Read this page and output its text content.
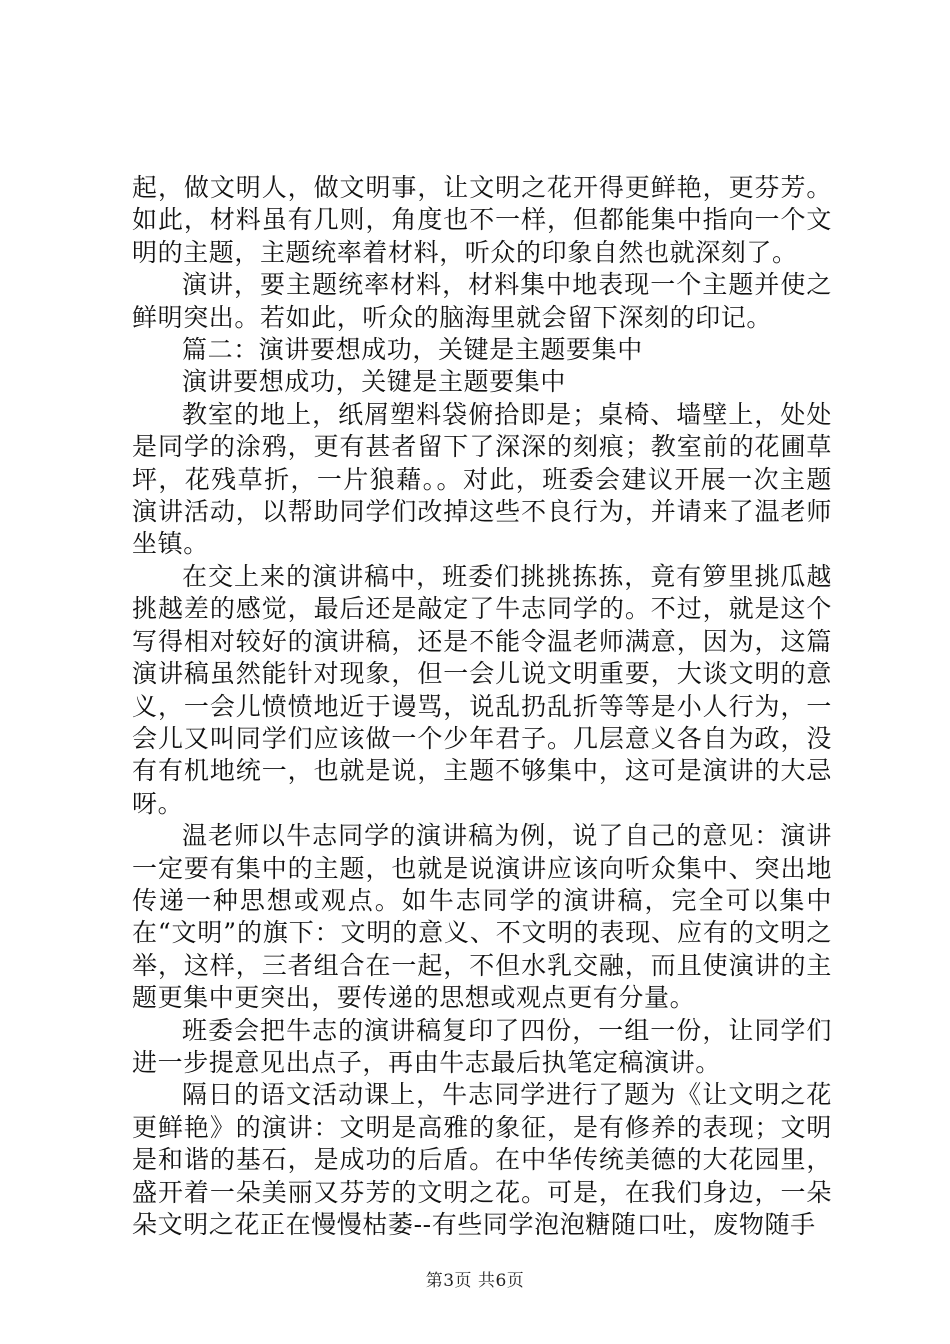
起，做文明人，做文明事，让文明之花开得更鲜艳，更芬芳。如此，材料虽有几则，角度也不一样，但都能集中指向一个文明的主题，主题统率着材料，听众的印象自然也就深刻了。

演讲，要主题统率材料，材料集中地表现一个主题并使之鲜明突出。若如此，听众的脑海里就会留下深刻的印记。

篇二：演讲要想成功，关键是主题要集中

演讲要想成功，关键是主题要集中

教室的地上，纸屑塑料袋俯拾即是；桌椅、墙壁上，处处是同学的涂鸦，更有甚者留下了深深的刻痕；教室前的花圃草坪，花残草折，一片狼藉。。对此，班委会建议开展一次主题演讲活动，以帮助同学们改掉这些不良行为，并请来了温老师坐镇。

在交上来的演讲稿中，班委们挑挑拣拣，竟有箩里挑瓜越挑越差的感觉，最后还是敲定了牛志同学的。不过，就是这个写得相对较好的演讲稿，还是不能令温老师满意，因为，这篇演讲稿虽然能针对现象，但一会儿说文明重要，大谈文明的意义，一会儿愤愤地近于谩骂，说乱扔乱折等等是小人行为，一会儿又叫同学们应该做一个少年君子。几层意义各自为政，没有有机地统一，也就是说，主题不够集中，这可是演讲的大忌呀。

温老师以牛志同学的演讲稿为例，说了自己的意见：演讲一定要有集中的主题，也就是说演讲应该向听众集中、突出地传递一种思想或观点。如牛志同学的演讲稿，完全可以集中在“文明”的旗下：文明的意义、不文明的表现、应有的文明之举，这样，三者组合在一起，不但水乳交融，而且使演讲的主题更集中更突出，要传递的思想或观点更有分量。

班委会把牛志的演讲稿复印了四份，一组一份，让同学们进一步提意见出点子，再由牛志最后执笔定稿演讲。

隔日的语文活动课上，牛志同学进行了题为《让文明之花更鲜艳》的演讲：文明是高雅的象征，是有修养的表现；文明是和谐的基石，是成功的后盾。在中华传统美德的大花园里，盛开着一朵美丽又芬芳的文明之花。可是，在我们身边，一朵朵文明之花正在慢慢枯萎--有些同学泡泡糖随口吐，废物随手

第3页 共6页
